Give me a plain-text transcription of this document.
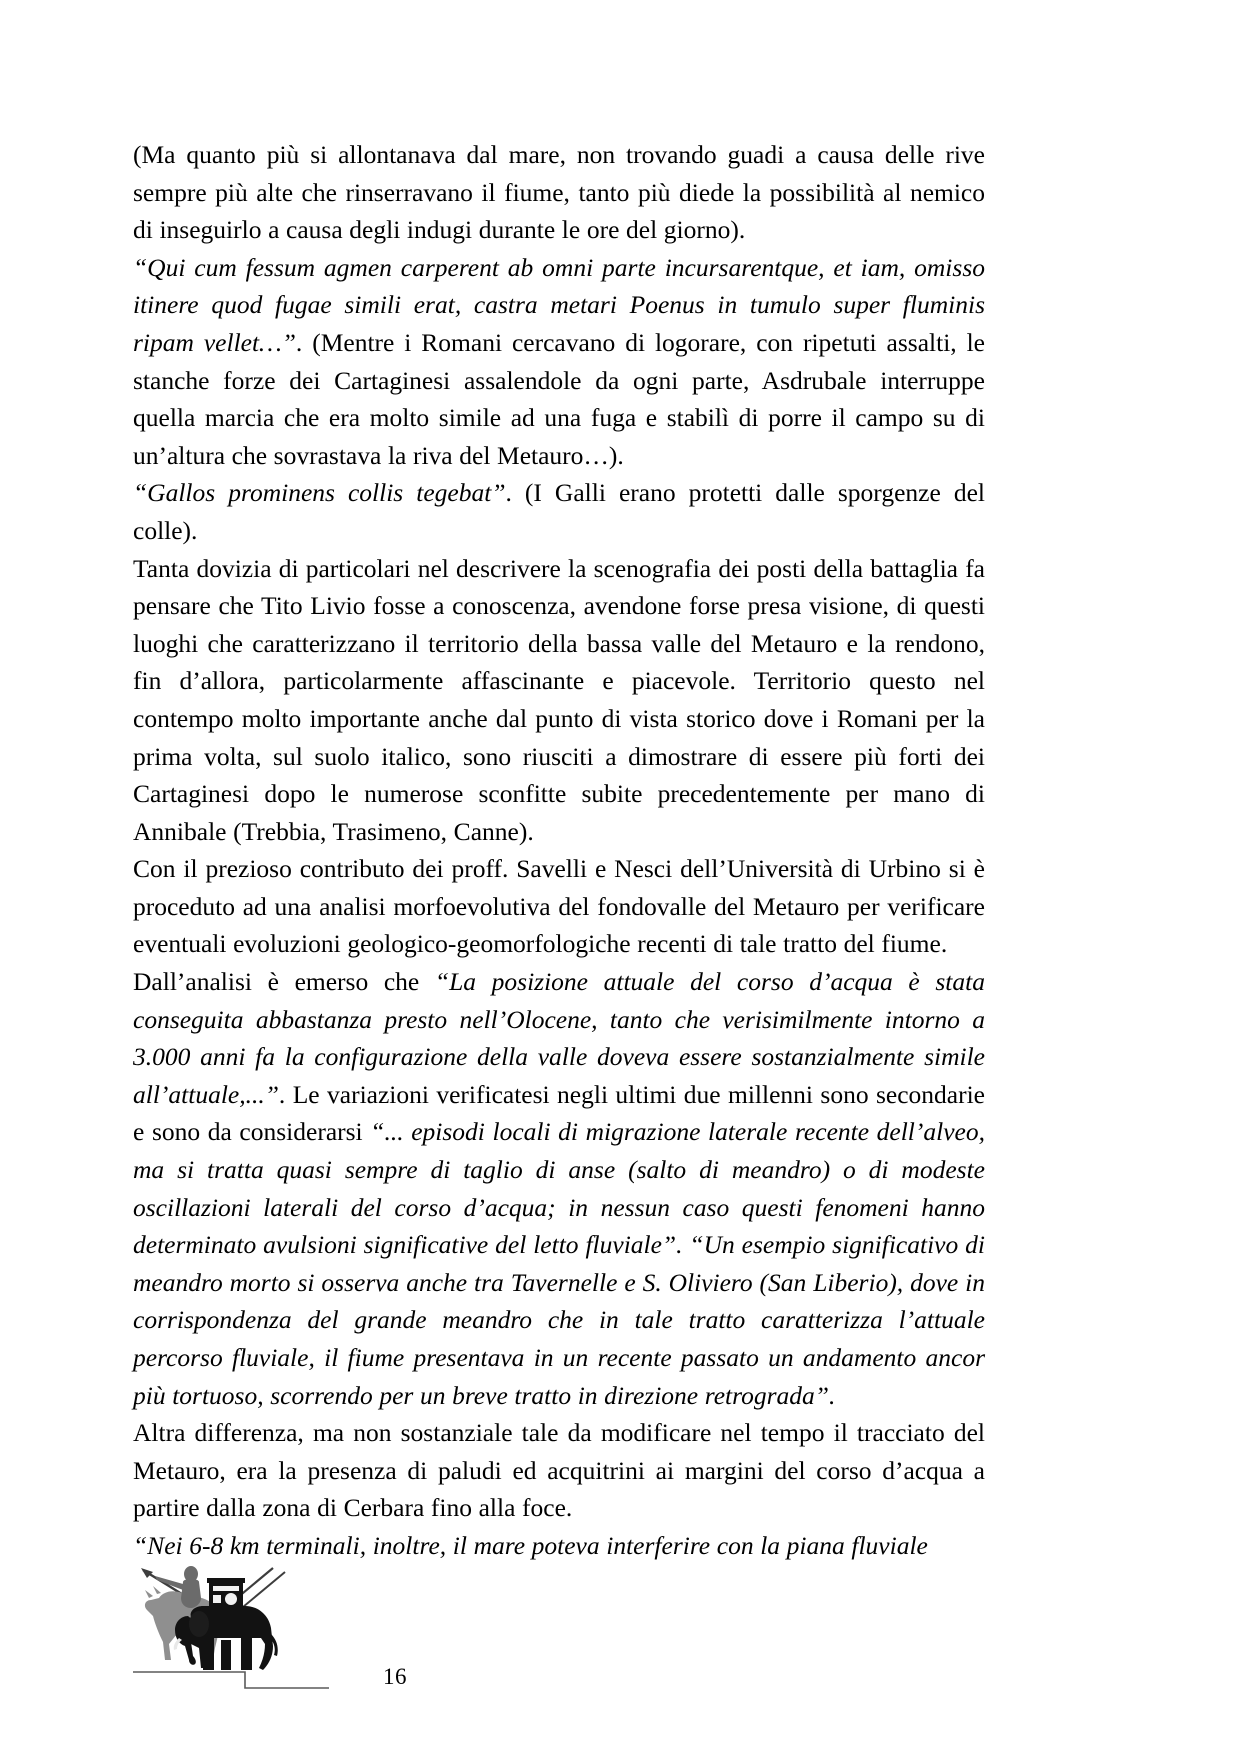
(Ma quanto più si allontanava dal mare, non trovando guadi a causa delle rive sempre più alte che rinserravano il fiume, tanto più diede la possibilità al nemico di inseguirlo a causa degli indugi durante le ore del giorno).

“Qui cum fessum agmen carperent ab omni parte incursarentque, et iam, omisso itinere quod fugae simili erat, castra metari Poenus in tumulo super fluminis ripam vellet…”. (Mentre i Romani cercavano di logorare, con ripetuti assalti, le stanche forze dei Cartaginesi assalendole da ogni parte, Asdrubale interruppe quella marcia che era molto simile ad una fuga e stabilì di porre il campo su di un’altura che sovrastava la riva del Metauro…).

“Gallos prominens collis tegebat”. (I Galli erano protetti dalle sporgenze del colle).

Tanta dovizia di particolari nel descrivere la scenografia dei posti della battaglia fa pensare che Tito Livio fosse a conoscenza, avendone forse presa visione, di questi luoghi che caratterizzano il territorio della bassa valle del Metauro e la rendono, fin d’allora, particolarmente affascinante e piacevole. Territorio questo nel contempo molto importante anche dal punto di vista storico dove i Romani per la prima volta, sul suolo italico, sono riusciti a dimostrare di essere più forti dei Cartaginesi dopo le numerose sconfitte subite precedentemente per mano di Annibale (Trebbia, Trasimeno, Canne).

Con il prezioso contributo dei proff. Savelli e Nesci dell’Università di Urbino si è proceduto ad una analisi morfoevolutiva del fondovalle del Metauro per verificare eventuali evoluzioni geologico-geomorfologiche recenti di tale tratto del fiume.

Dall’analisi è emerso che “La posizione attuale del corso d’acqua è stata conseguita abbastanza presto nell’Olocene, tanto che verisimilmente intorno a 3.000 anni fa la configurazione della valle doveva essere sostanzialmente simile all’attuale,...”. Le variazioni verificatesi negli ultimi due millenni sono secondarie e sono da considerarsi “... episodi locali di migrazione laterale recente dell’alveo, ma si tratta quasi sempre di taglio di anse (salto di meandro) o di modeste oscillazioni laterali del corso d’acqua; in nessun caso questi fenomeni hanno determinato avulsioni significative del letto fluviale”. “Un esempio significativo di meandro morto si osserva anche tra Tavernelle e S. Oliviero (San Liberio), dove in corrispondenza del grande meandro che in tale tratto caratterizza l’attuale percorso fluviale, il fiume presentava in un recente passato un andamento ancor più tortuoso, scorrendo per un breve tratto in direzione retrograda”.

Altra differenza, ma non sostanziale tale da modificare nel tempo il tracciato del Metauro, era la presenza di paludi ed acquitrini ai margini del corso d’acqua a partire dalla zona di Cerbara fino alla foce.

“Nei 6-8 km terminali, inoltre, il mare poteva interferire con la piana fluviale

16
